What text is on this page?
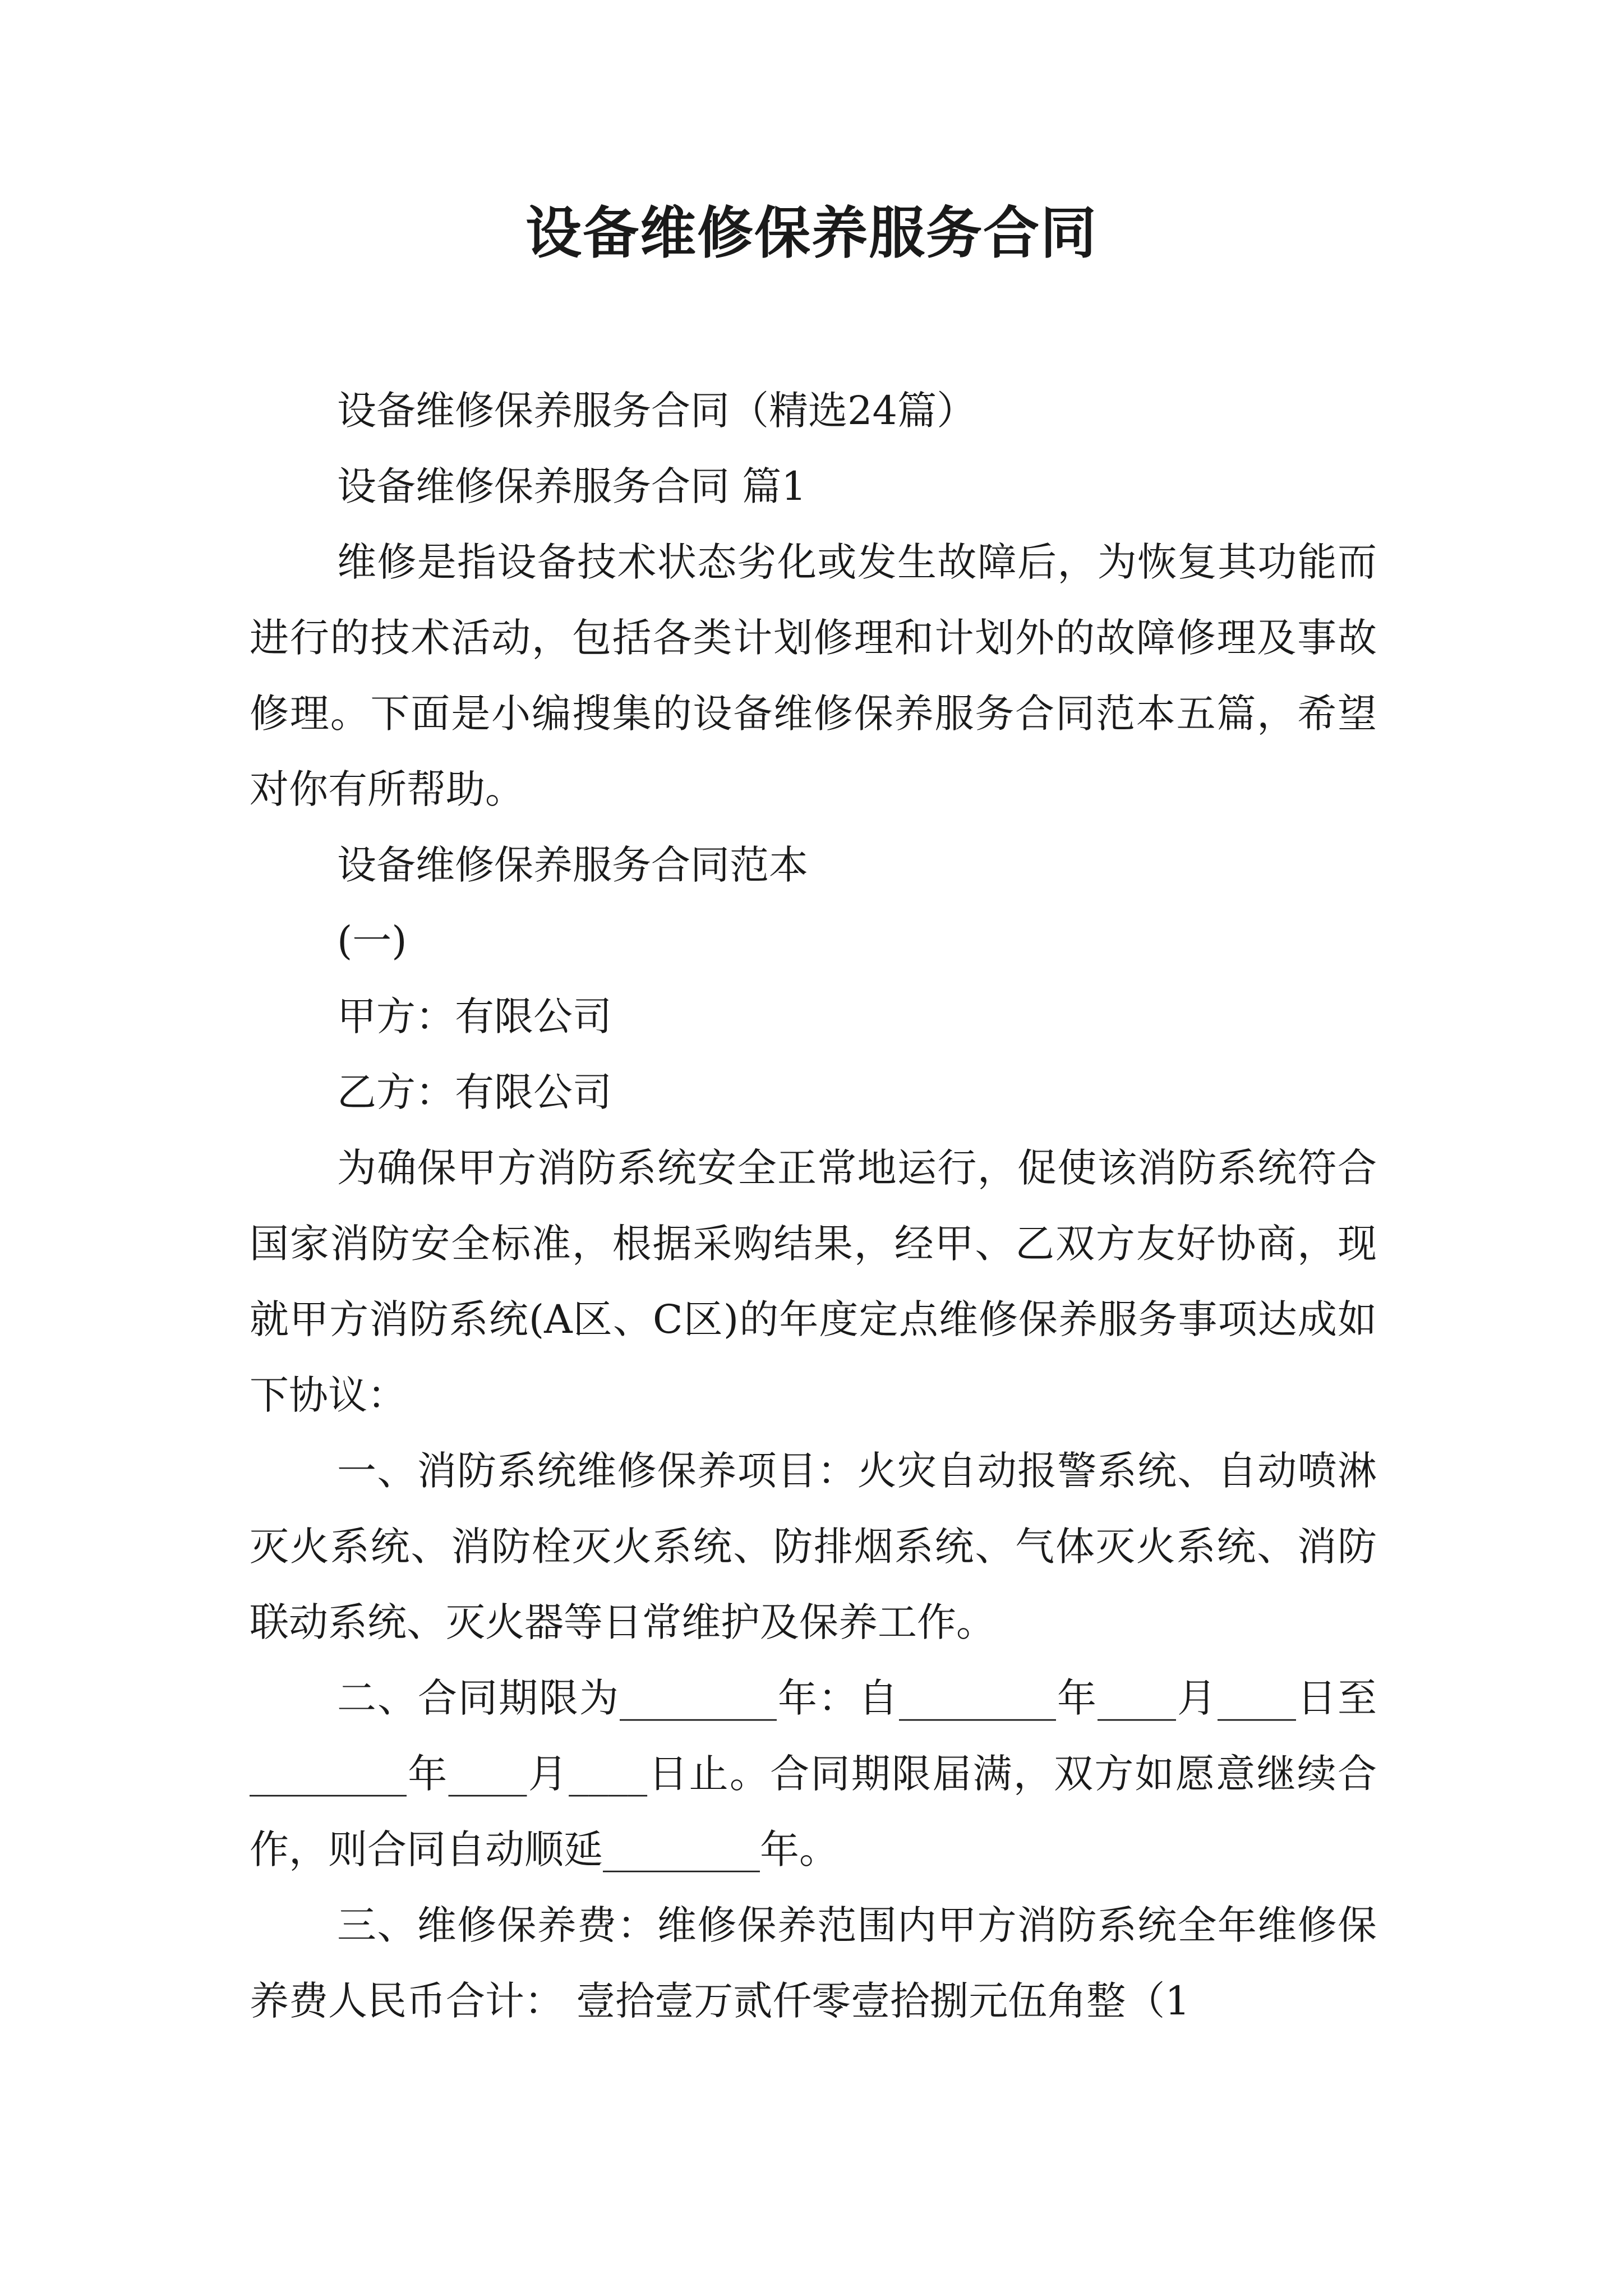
设备维修保养服务合同

设备维修保养服务合同（精选24篇）

设备维修保养服务合同 篇1

维修是指设备技术状态劣化或发生故障后，为恢复其功能而进行的技术活动，包括各类计划修理和计划外的故障修理及事故修理。下面是小编搜集的设备维修保养服务合同范本五篇，希望对你有所帮助。

设备维修保养服务合同范本

(一)

甲方：有限公司

乙方：有限公司

为确保甲方消防系统安全正常地运行，促使该消防系统符合国家消防安全标准，根据采购结果，经甲、乙双方友好协商，现就甲方消防系统(A区、C区)的年度定点维修保养服务事项达成如下协议：

一、消防系统维修保养项目：火灾自动报警系统、自动喷淋灭火系统、消防栓灭火系统、防排烟系统、气体灭火系统、消防联动系统、灭火器等日常维护及保养工作。

二、合同期限为________年：自________年____月____日至________年____月____日止。合同期限届满，双方如愿意继续合作，则合同自动顺延________年。

三、维修保养费：维修保养范围内甲方消防系统全年维修保养费人民币合计： 壹拾壹万贰仟零壹拾捌元伍角整（1
